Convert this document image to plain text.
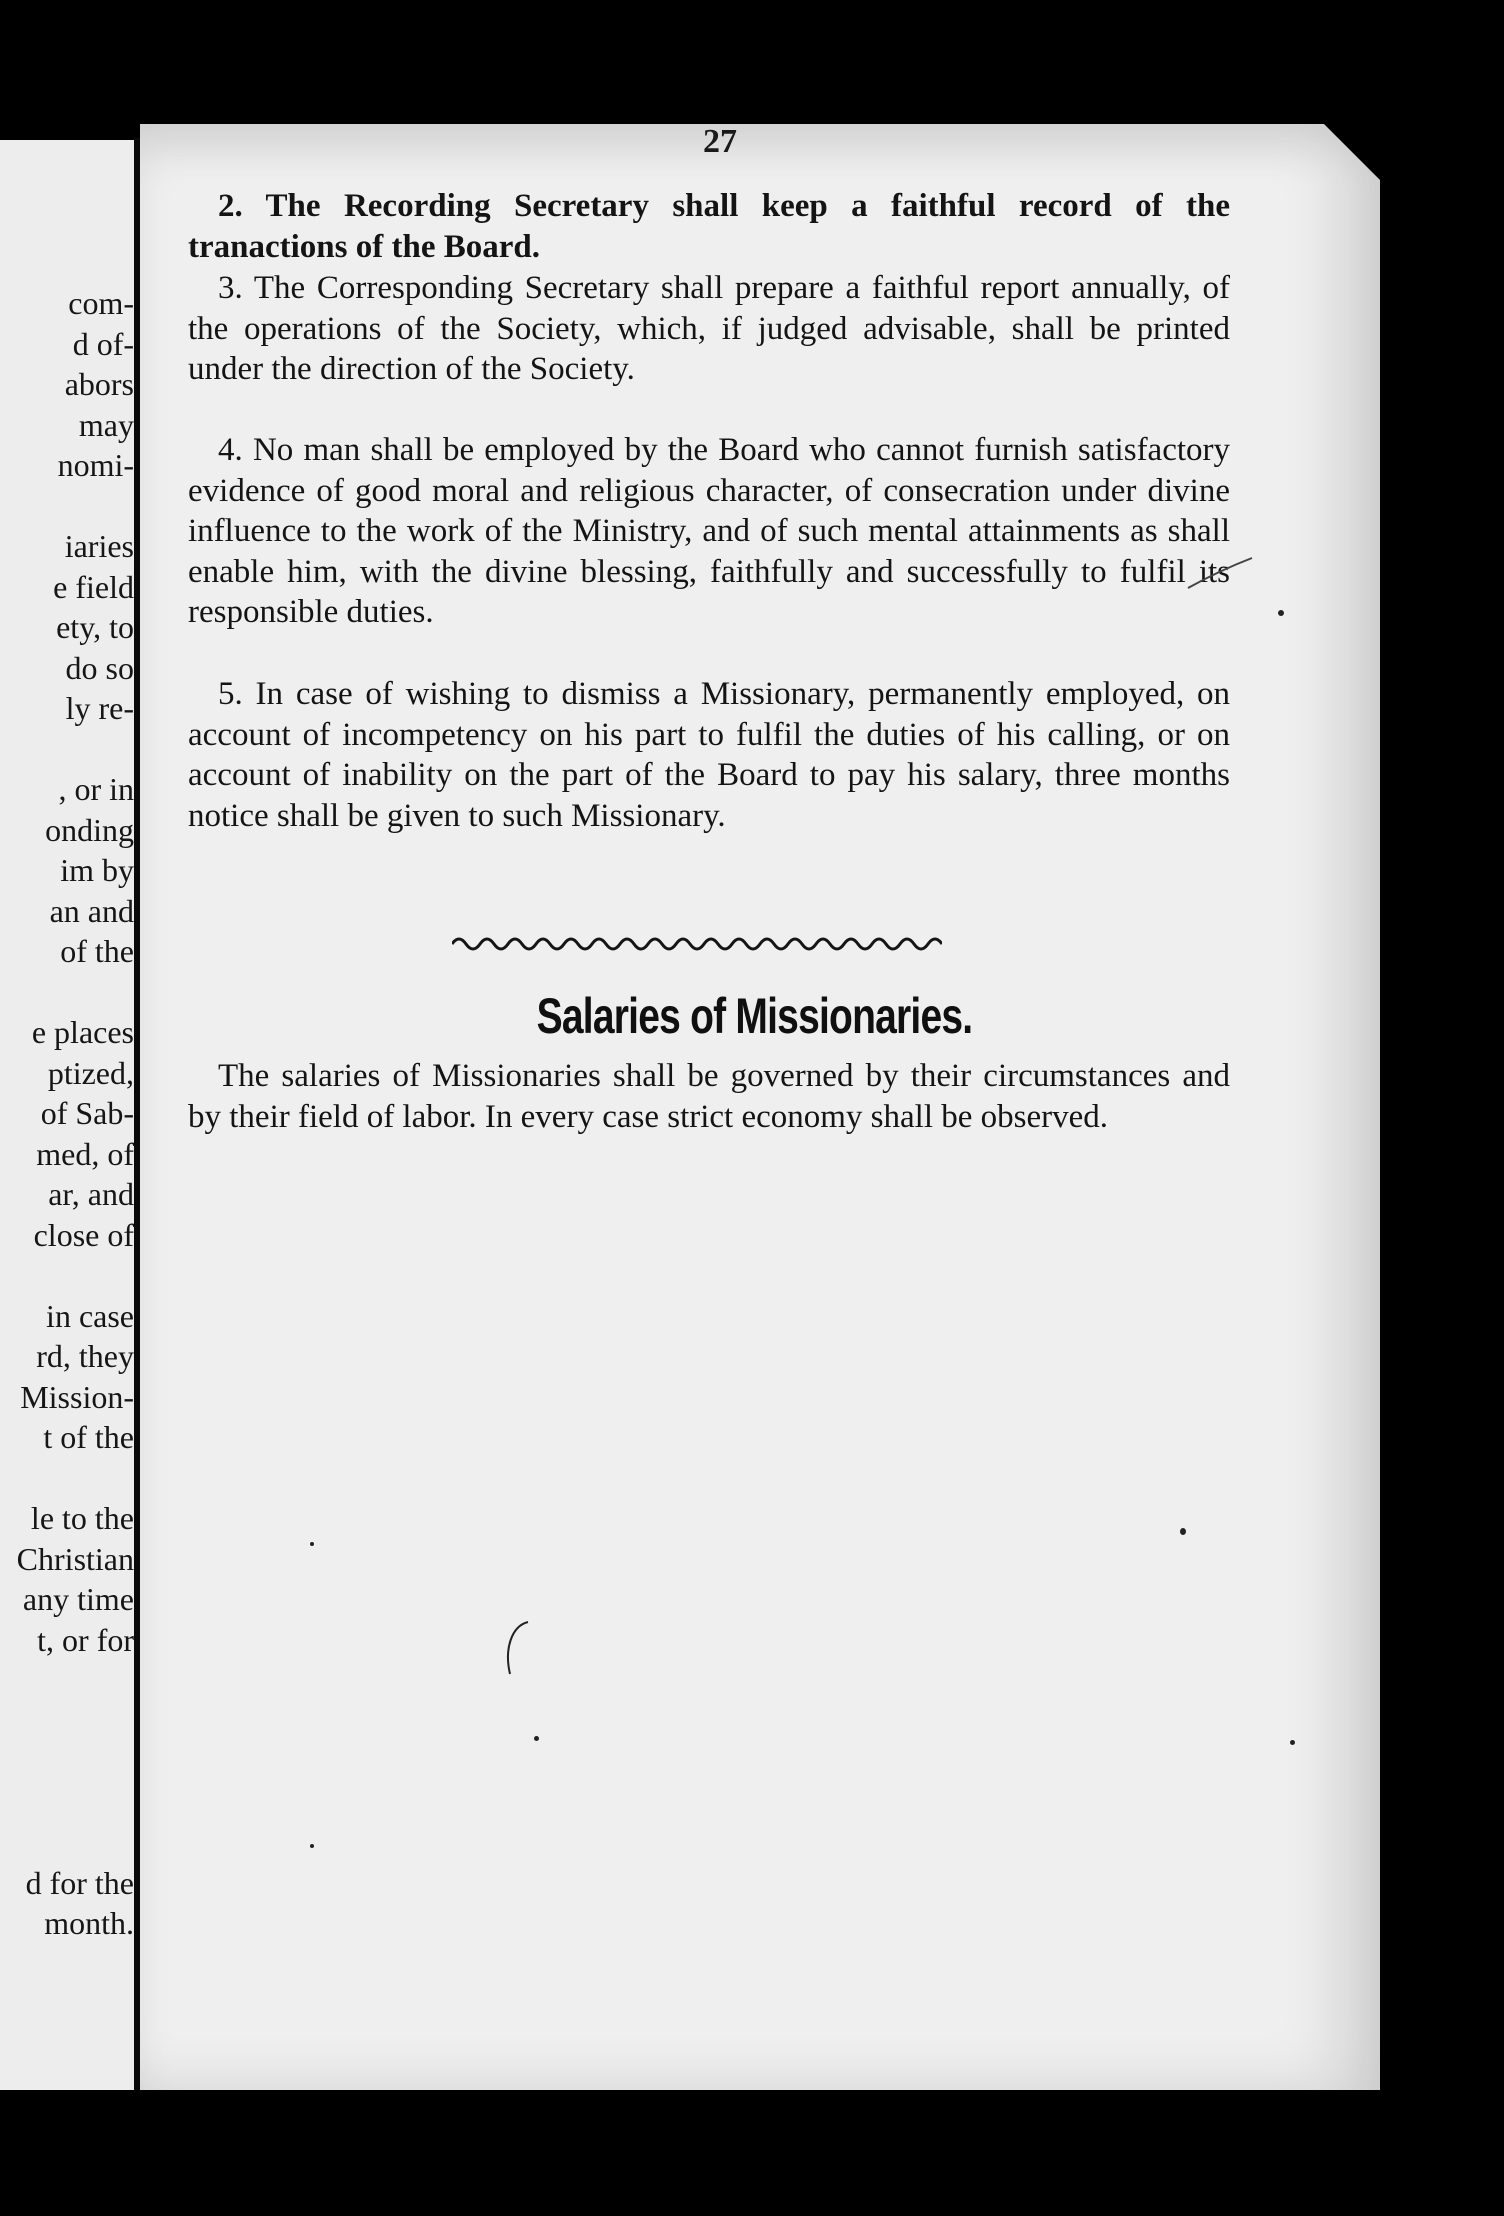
com-
d of-
abors
may
nomi-
iaries
e field
ety, to
do so
ly re-
, or in
onding
im by
an and
of the
e places
ptized,
of Sab-
med, of
ar, and
close of
in case
rd, they
Mission-
t of the
le to the
Christian
any time
t, or for
d for the
month.
27

2. The Recording Secretary shall keep a faithful record of the tranactions of the Board.

3. The Corresponding Secretary shall prepare a faithful report annually, of the operations of the Society, which, if judged advisable, shall be printed under the direction of the Society.

4. No man shall be employed by the Board who cannot furnish satisfactory evidence of good moral and religious character, of consecration under divine influence to the work of the Ministry, and of such mental attainments as shall enable him, with the divine blessing, faithfully and successfully to fulfil its responsible duties.

5. In case of wishing to dismiss a Missionary, permanently employed, on account of incompetency on his part to fulfil the duties of his calling, or on account of inability on the part of the Board to pay his salary, three months notice shall be given to such Missionary.

Salaries of Missionaries.

The salaries of Missionaries shall be governed by their circumstances and by their field of labor. In every case strict economy shall be observed.
